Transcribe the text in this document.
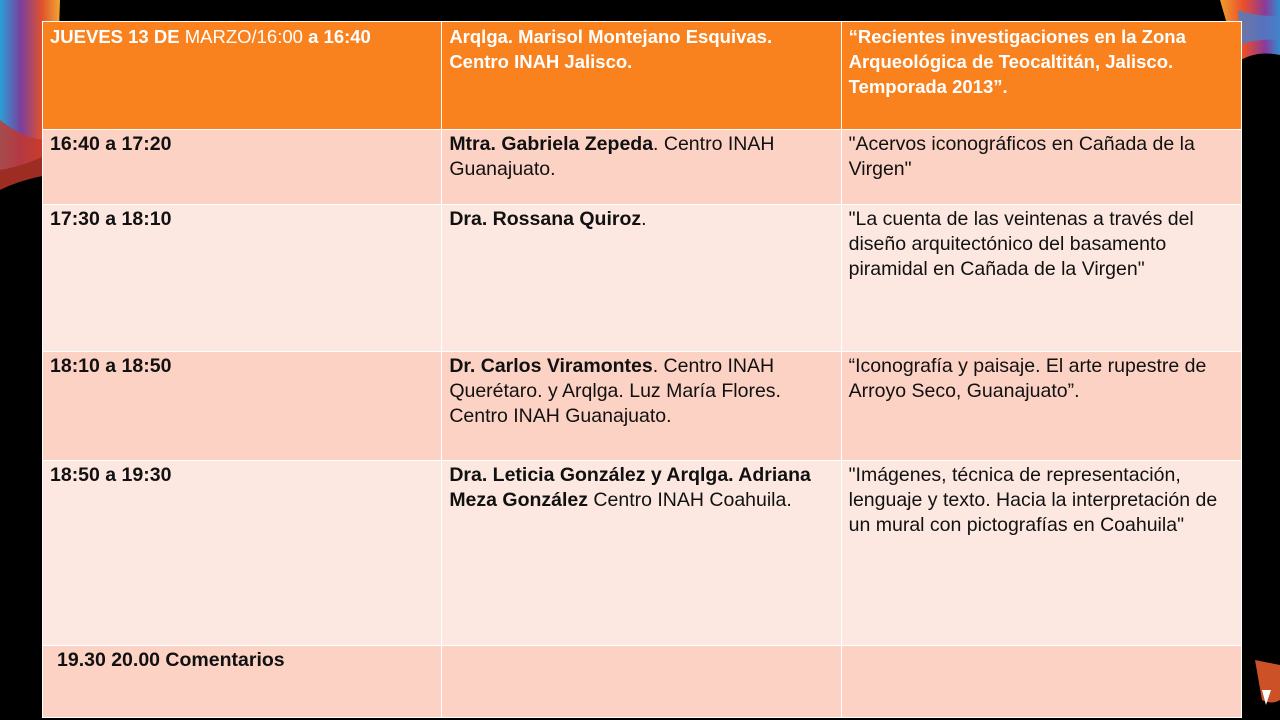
JUEVES 13 DE MARZO/16:00 a 16:40	Arqlga. Marisol Montejano Esquivas. Centro INAH Jalisco.	“Recientes investigaciones en la Zona Arqueológica de Teocaltitán, Jalisco. Temporada 2013”.
16:40 a 17:20	Mtra. Gabriela Zepeda. Centro INAH Guanajuato.	"Acervos iconográficos en Cañada de la Virgen"
17:30 a 18:10	Dra. Rossana Quiroz.	"La cuenta de las veintenas a través del diseño arquitectónico del basamento piramidal en Cañada de la Virgen"
18:10 a 18:50	Dr. Carlos Viramontes. Centro INAH Querétaro. y Arqlga. Luz María Flores. Centro INAH Guanajuato.	“Iconografía y paisaje. El arte rupestre de Arroyo Seco, Guanajuato”.
18:50 a 19:30	Dra. Leticia González y Arqlga. Adriana Meza González Centro INAH Coahuila.	"Imágenes, técnica de representación, lenguaje y texto. Hacia la interpretación de un mural con pictografías en Coahuila"
19.30 20.00 Comentarios		
